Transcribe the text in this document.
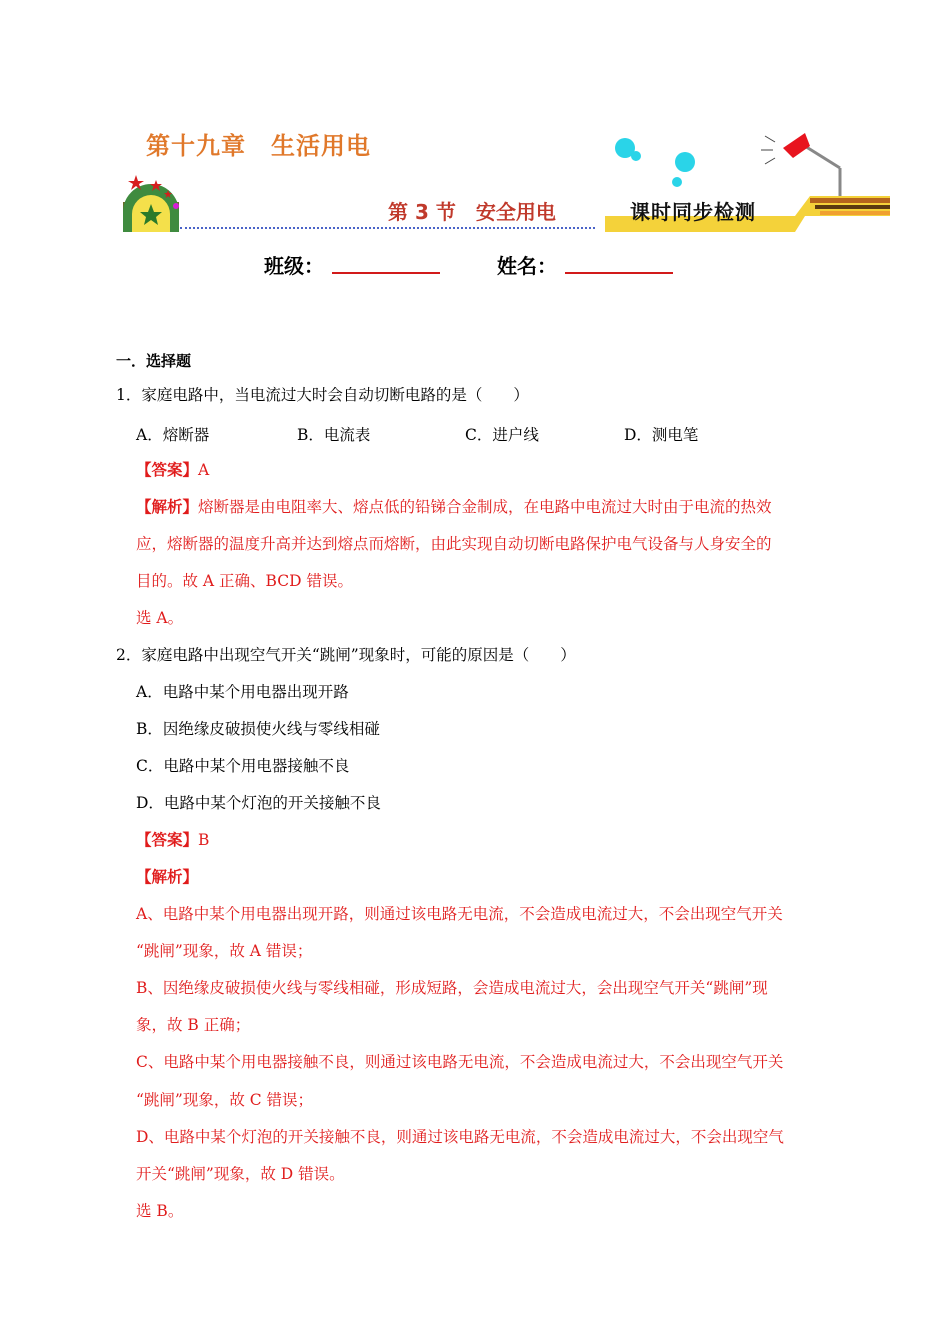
第十九章　生活用电
第 3 节　安全用电	课时同步检测
班级：	姓名：
一．选择题
1．家庭电路中，当电流过大时会自动切断电路的是（　　）
A．熔断器	B．电流表	C．进户线	D．测电笔
【答案】A
【解析】熔断器是由电阻率大、熔点低的铅锑合金制成，在电路中电流过大时由于电流的热效
应，熔断器的温度升高并达到熔点而熔断，由此实现自动切断电路保护电气设备与人身安全的
目的。故 A 正确、BCD 错误。
选 A。
2．家庭电路中出现空气开关“跳闸”现象时，可能的原因是（　　）
A．电路中某个用电器出现开路
B．因绝缘皮破损使火线与零线相碰
C．电路中某个用电器接触不良
D．电路中某个灯泡的开关接触不良
【答案】B
【解析】
A、电路中某个用电器出现开路，则通过该电路无电流，不会造成电流过大，不会出现空气开关
“跳闸”现象，故 A 错误；
B、因绝缘皮破损使火线与零线相碰，形成短路，会造成电流过大，会出现空气开关“跳闸”现
象，故 B 正确；
C、电路中某个用电器接触不良，则通过该电路无电流，不会造成电流过大，不会出现空气开关
“跳闸”现象，故 C 错误；
D、电路中某个灯泡的开关接触不良，则通过该电路无电流，不会造成电流过大，不会出现空气
开关“跳闸”现象，故 D 错误。
选 B。
